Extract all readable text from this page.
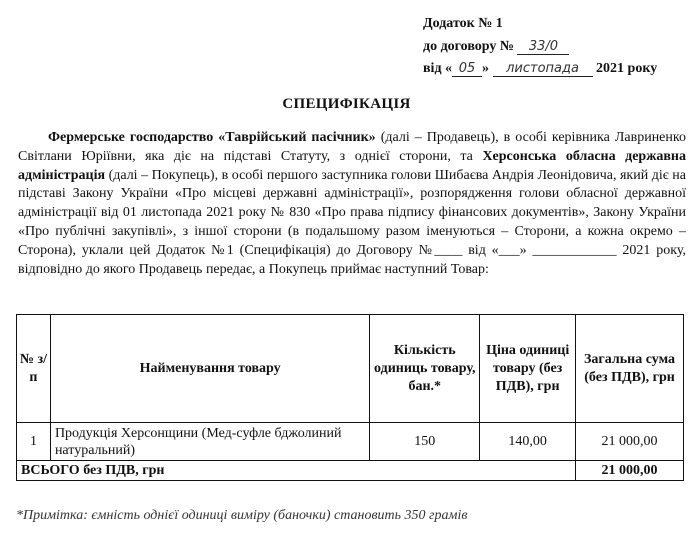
Додаток № 1
до договору № 33/0
від « 05 » листопада 2021 року
СПЕЦИФІКАЦІЯ
Фермерське господарство «Таврійський пасічник» (далі – Продавець), в особі керівника Лавриненко Світлани Юріївни, яка діє на підставі Статуту, з однієї сторони, та Херсонська обласна державна адміністрація (далі – Покупець), в особі першого заступника голови Шибаєва Андрія Леонідовича, який діє на підставі Закону України «Про місцеві державні адміністрації», розпорядження голови обласної державної адміністрації від 01 листопада 2021 року № 830 «Про права підпису фінансових документів», Закону України «Про публічні закупівлі», з іншої сторони (в подальшому разом іменуються – Сторони, а кожна окремо – Сторона), уклали цей Додаток №1 (Специфікація) до Договору №____ від «___» ____________ 2021 року, відповідно до якого Продавець передає, а Покупець приймає наступний Товар:
№ з/п	Найменування товару	Кількість одиниць товару, бан.*	Ціна одиниці товару (без ПДВ), грн	Загальна сума (без ПДВ), грн
1	Продукція Херсонщини (Мед-суфле бджолиний натуральний)	150	140,00	21 000,00
ВСЬОГО без ПДВ, грн				21 000,00
*Примітка: ємність однієї одиниці виміру (баночки) становить 350 грамів
